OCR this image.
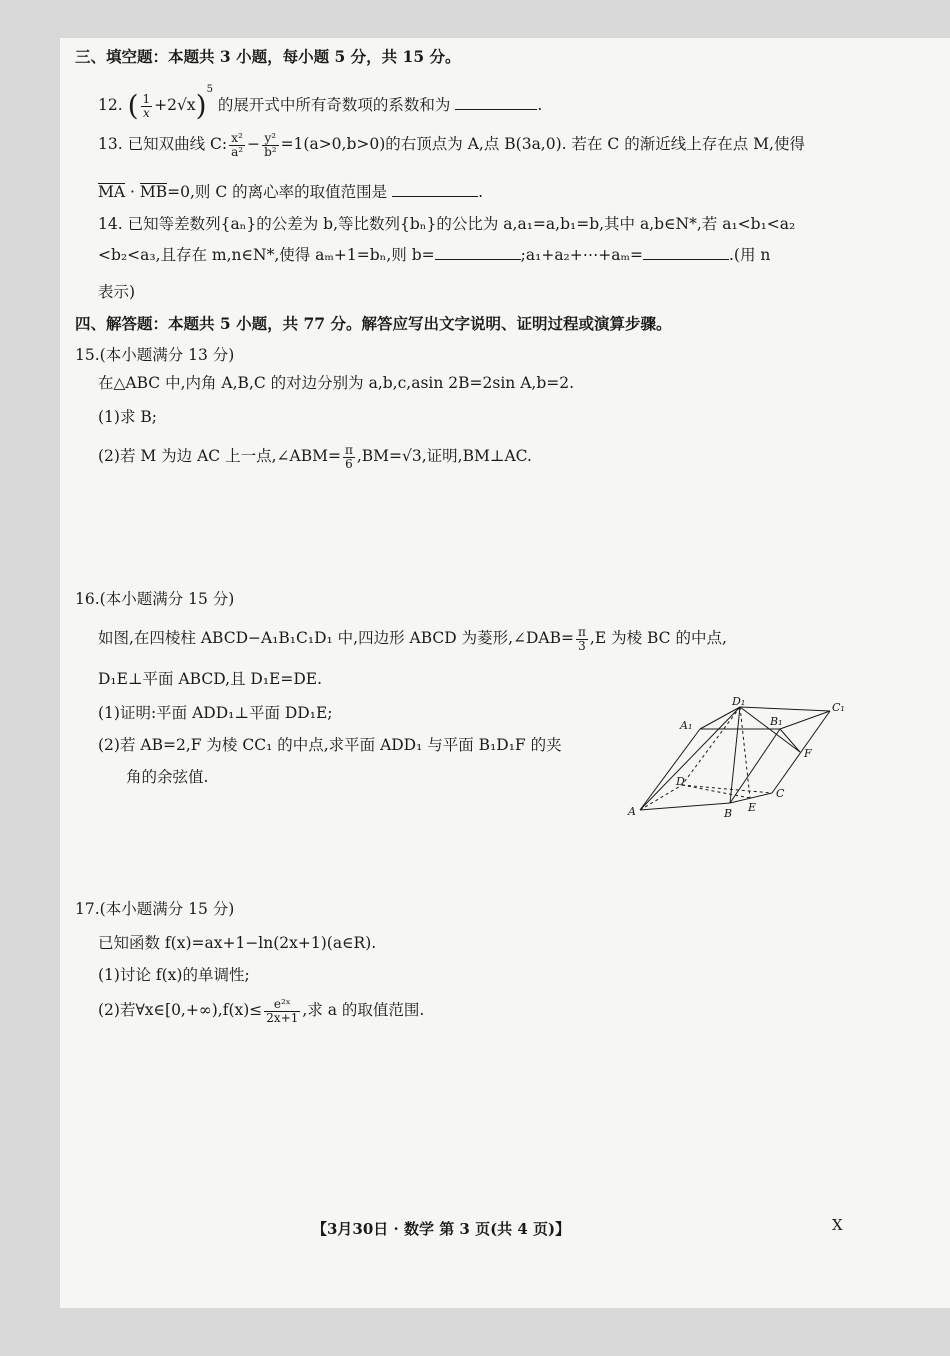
三、填空题：本题共 3 小题，每小题 5 分，共 15 分。
12. ( $\frac{1}{x} +2√x)^5$ 的展开式中所有奇数项的系数和为	.
13. 已知双曲线 C: $\frac{\text{x²}}{\text{a²}} - \frac{\text{y²}}{\text{b²}} =1(a>0,b>0)$的右顶点为 A,点 B(3a,0). 若在 C 的渐近线上存在点 M,使得
MA · MB=0,则 C 的离心率的取值范围是	.
14. 已知等差数列{aₙ}的公差为 b,等比数列{bₙ}的公比为 a,a₁=a,b₁=b,其中 a,b∈N*,若 a₁<b₁<a₂
<b₂<a₃,且存在 m,n∈N*,使得 aₘ+1=bₙ,则 b=	;a₁+a₂+⋯+aₘ=	.(用 n
表示)
四、解答题：本题共 5 小题，共 77 分。解答应写出文字说明、证明过程或演算步骤。
15.(本小题满分 13 分)
在△ABC 中,内角 A,B,C 的对边分别为 a,b,c,asin 2B=2sin A,b=2.
(1)求 B;
(2)若 M 为边 AC 上一点,∠ABM= $\frac{\pi}{6} ,BM=√3$,证明,BM⊥AC.
16.(本小题满分 15 分)
如图,在四棱柱 ABCD−A₁B₁C₁D₁ 中,四边形 ABCD 为菱形,∠DAB= $\frac{\pi}{3} ,E$ 为棱 BC 的中点,
D₁E⊥平面 ABCD,且 D₁E=DE.
(1)证明:平面 ADD₁⊥平面 DD₁E;
(2)若 AB=2,F 为棱 CC₁ 的中点,求平面 ADD₁ 与平面 B₁D₁F 的夹
角的余弦值.
A₁
D₁
B₁
C₁
F
D
C
A	B E
17.(本小题满分 15 分)
已知函数 f(x)=ax+1−ln(2x+1)(a∈R).
(1)讨论 f(x)的单调性;
(2)若∀x∈[0,+∞),f(x)≤ $\frac{\text{e²ˣ}}{2x+1}$ ,求 a 的取值范围.
【3月30日 · 数学 第 3 页(共 4 页)】	X
